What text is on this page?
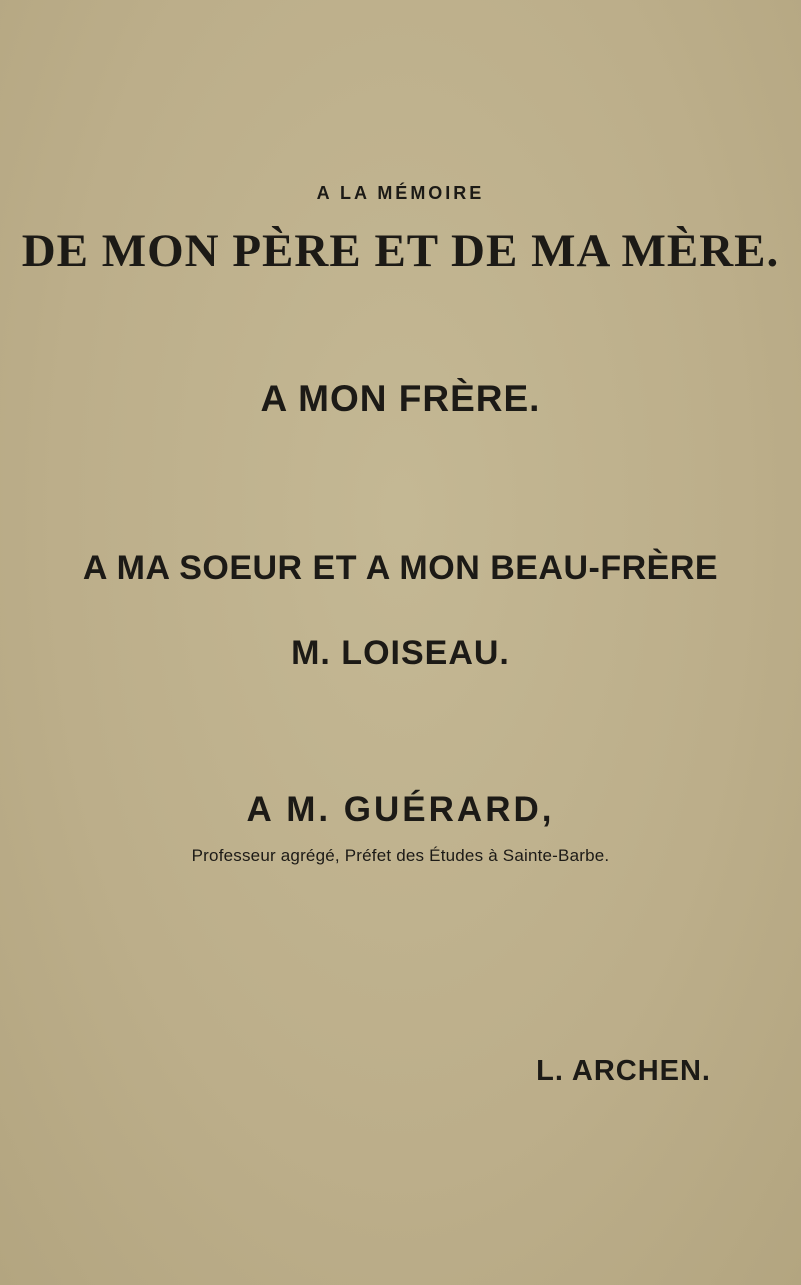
A LA MÉMOIRE
DE MON PÈRE ET DE MA MÈRE.
A MON FRÈRE.
A MA SOEUR ET A MON BEAU-FRÈRE
M. LOISEAU.
A M. GUÉRARD,
Professeur agrégé, Préfet des Études à Sainte-Barbe.
L. ARCHEN.
